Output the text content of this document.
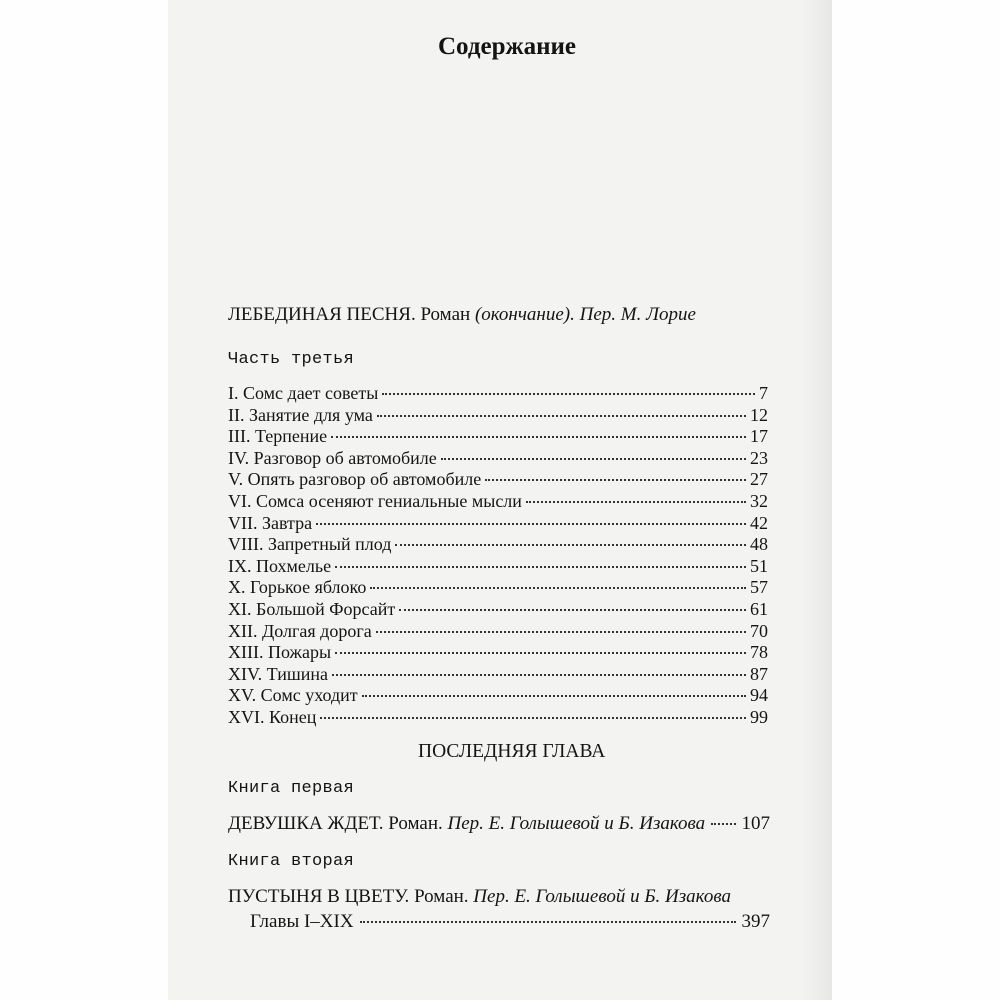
Содержание
ЛЕБЕДИНАЯ ПЕСНЯ. Роман (окончание). Пер. М. Лорие
Часть третья
I. Сомс дает советы	7
II. Занятие для ума	12
III. Терпение	17
IV. Разговор об автомобиле	23
V. Опять разговор об автомобиле	27
VI. Сомса осеняют гениальные мысли	32
VII. Завтра	42
VIII. Запретный плод	48
IX. Похмелье	51
X. Горькое яблоко	57
XI. Большой Форсайт	61
XII. Долгая дорога	70
XIII. Пожары	78
XIV. Тишина	87
XV. Сомс уходит	94
XVI. Конец	99
ПОСЛЕДНЯЯ ГЛАВА
Книга первая
ДЕВУШКА ЖДЕТ. Роман. Пер. Е. Голышевой и Б. Изакова 107
Книга вторая
ПУСТЫНЯ В ЦВЕТУ. Роман. Пер. Е. Голышевой и Б. Изакова
Главы I–XIX	397
